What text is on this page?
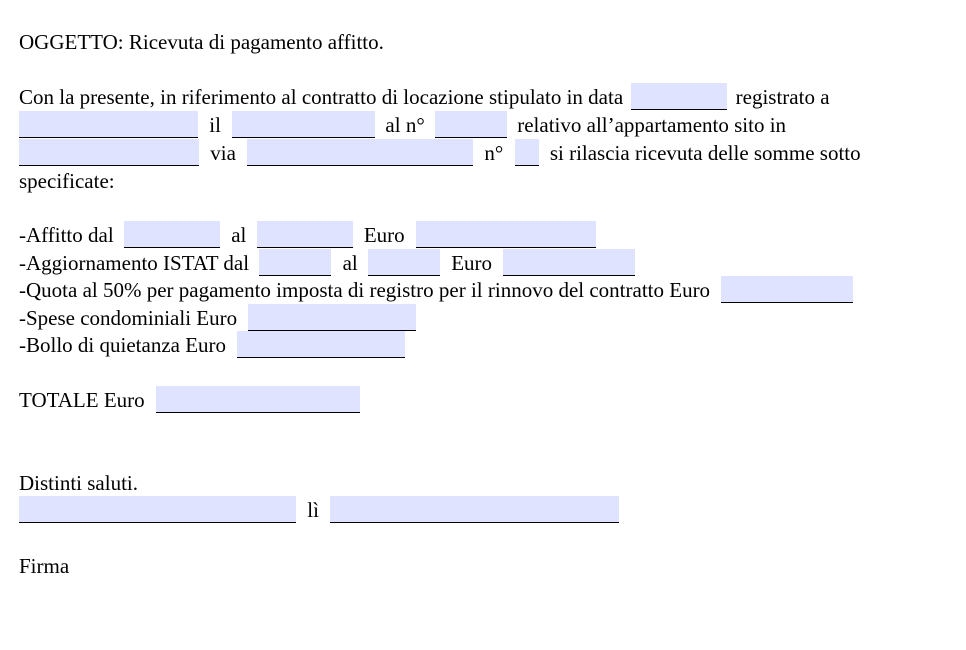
OGGETTO: Ricevuta di pagamento affitto.
Con la presente, in riferimento al contratto di locazione stipulato in data	registrato a
il	al n°	relativo all’appartamento sito in
via	n° si rilascia ricevuta delle somme sotto
specificate:
-Affitto dal	al	Euro
-Aggiornamento ISTAT dal	al	Euro
-Quota al 50% per pagamento imposta di registro per il rinnovo del contratto Euro
-Spese condominiali Euro
-Bollo di quietanza Euro
TOTALE Euro
Distinti saluti.
lì
Firma
